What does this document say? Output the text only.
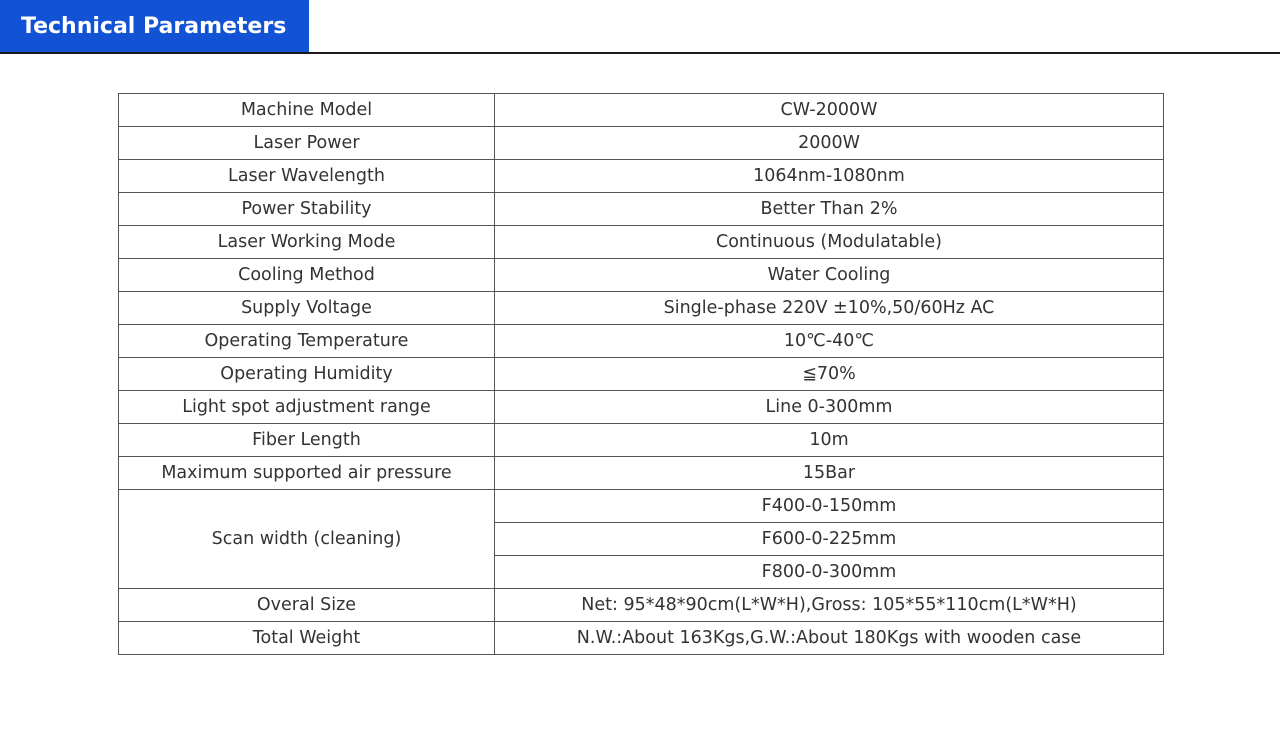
Technical Parameters
Machine Model	CW-2000W
Laser Power	2000W
Laser Wavelength	1064nm-1080nm
Power Stability	Better Than 2%
Laser Working Mode	Continuous (Modulatable)
Cooling Method	Water Cooling
Supply Voltage	Single-phase 220V ±10%,50/60Hz AC
Operating Temperature	10℃-40℃
Operating Humidity	≦70%
Light spot adjustment range	Line 0-300mm
Fiber Length	10m
Maximum supported air pressure	15Bar
Scan width (cleaning)	F400-0-150mm
	F600-0-225mm
	F800-0-300mm
Overal Size	Net: 95*48*90cm(L*W*H),Gross: 105*55*110cm(L*W*H)
Total Weight	N.W.:About 163Kgs,G.W.:About 180Kgs with wooden case
